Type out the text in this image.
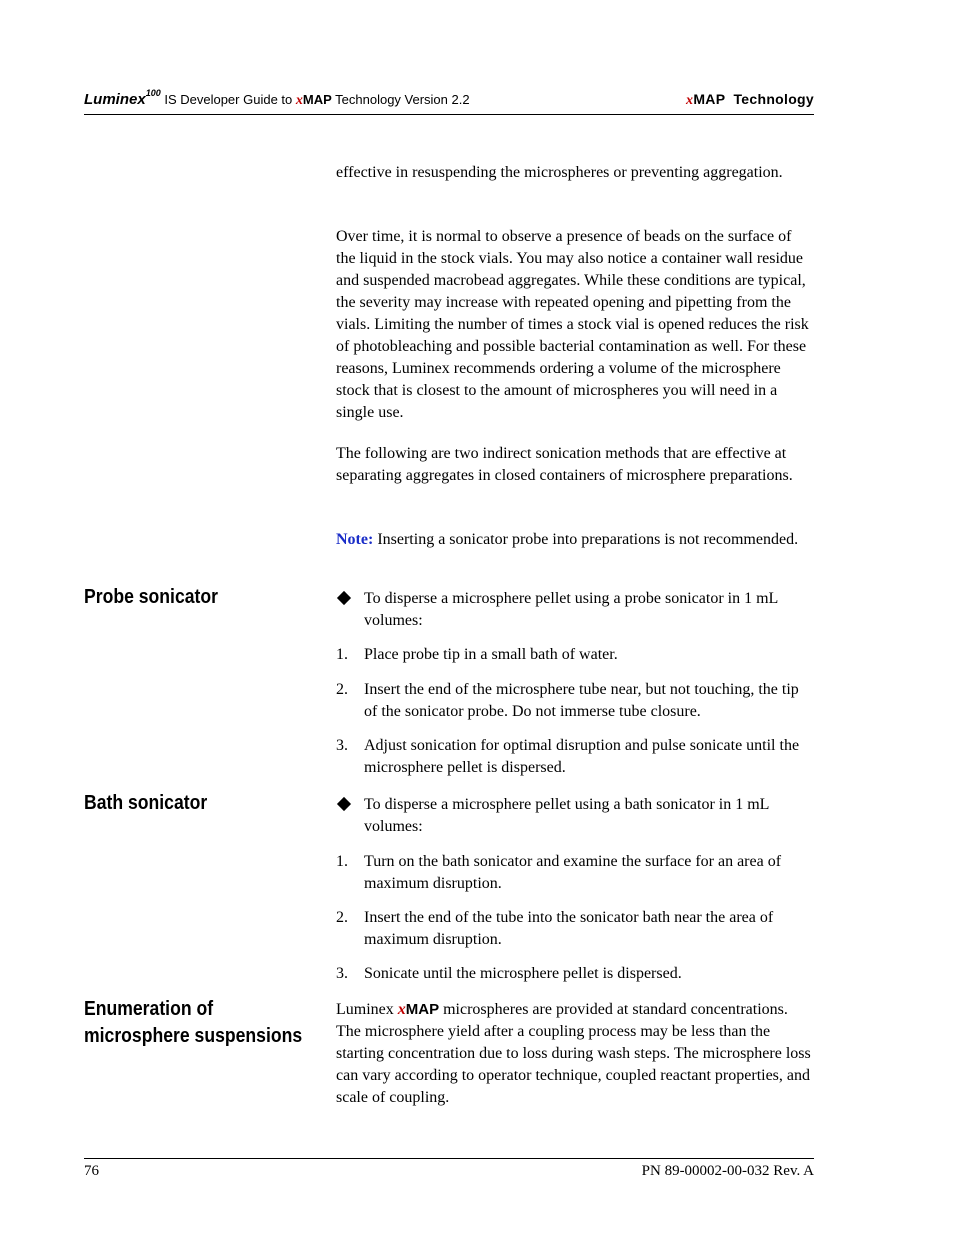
Luminex$^{100}$ IS Developer Guide to xMAP Technology Version 2.2	xMAP  Technology

effective in resuspending the microspheres or preventing aggregation.

Over time, it is normal to observe a presence of beads on the surface of the liquid in the stock vials. You may also notice a container wall residue and suspended macrobead aggregates. While these conditions are typical, the severity may increase with repeated opening and pipetting from the vials. Limiting the number of times a stock vial is opened reduces the risk of photobleaching and possible bacterial contamination as well. For these reasons, Luminex recommends ordering a volume of the microsphere stock that is closest to the amount of microspheres you will need in a single use.

The following are two indirect sonication methods that are effective at separating aggregates in closed containers of microsphere preparations.

Note: Inserting a sonicator probe into preparations is not recommended.

Probe sonicator	To disperse a microsphere pellet using a probe sonicator in 1 mL volumes:
1.	Place probe tip in a small bath of water.
2.	Insert the end of the microsphere tube near, but not touching, the tip of the sonicator probe. Do not immerse tube closure.
3.	Adjust sonication for optimal disruption and pulse sonicate until the microsphere pellet is dispersed.
Bath sonicator	To disperse a microsphere pellet using a bath sonicator in 1 mL volumes:
1.	Turn on the bath sonicator and examine the surface for an area of maximum disruption.
2.	Insert the end of the tube into the sonicator bath near the area of maximum disruption.
3.	Sonicate until the microsphere pellet is dispersed.
Enumeration of
microsphere suspensions

Luminex xMAP microspheres are provided at standard concentrations. The microsphere yield after a coupling process may be less than the starting concentration due to loss during wash steps. The microsphere loss can vary according to operator technique, coupled reactant properties, and scale of coupling.

76	PN 89-00002-00-032 Rev. A
